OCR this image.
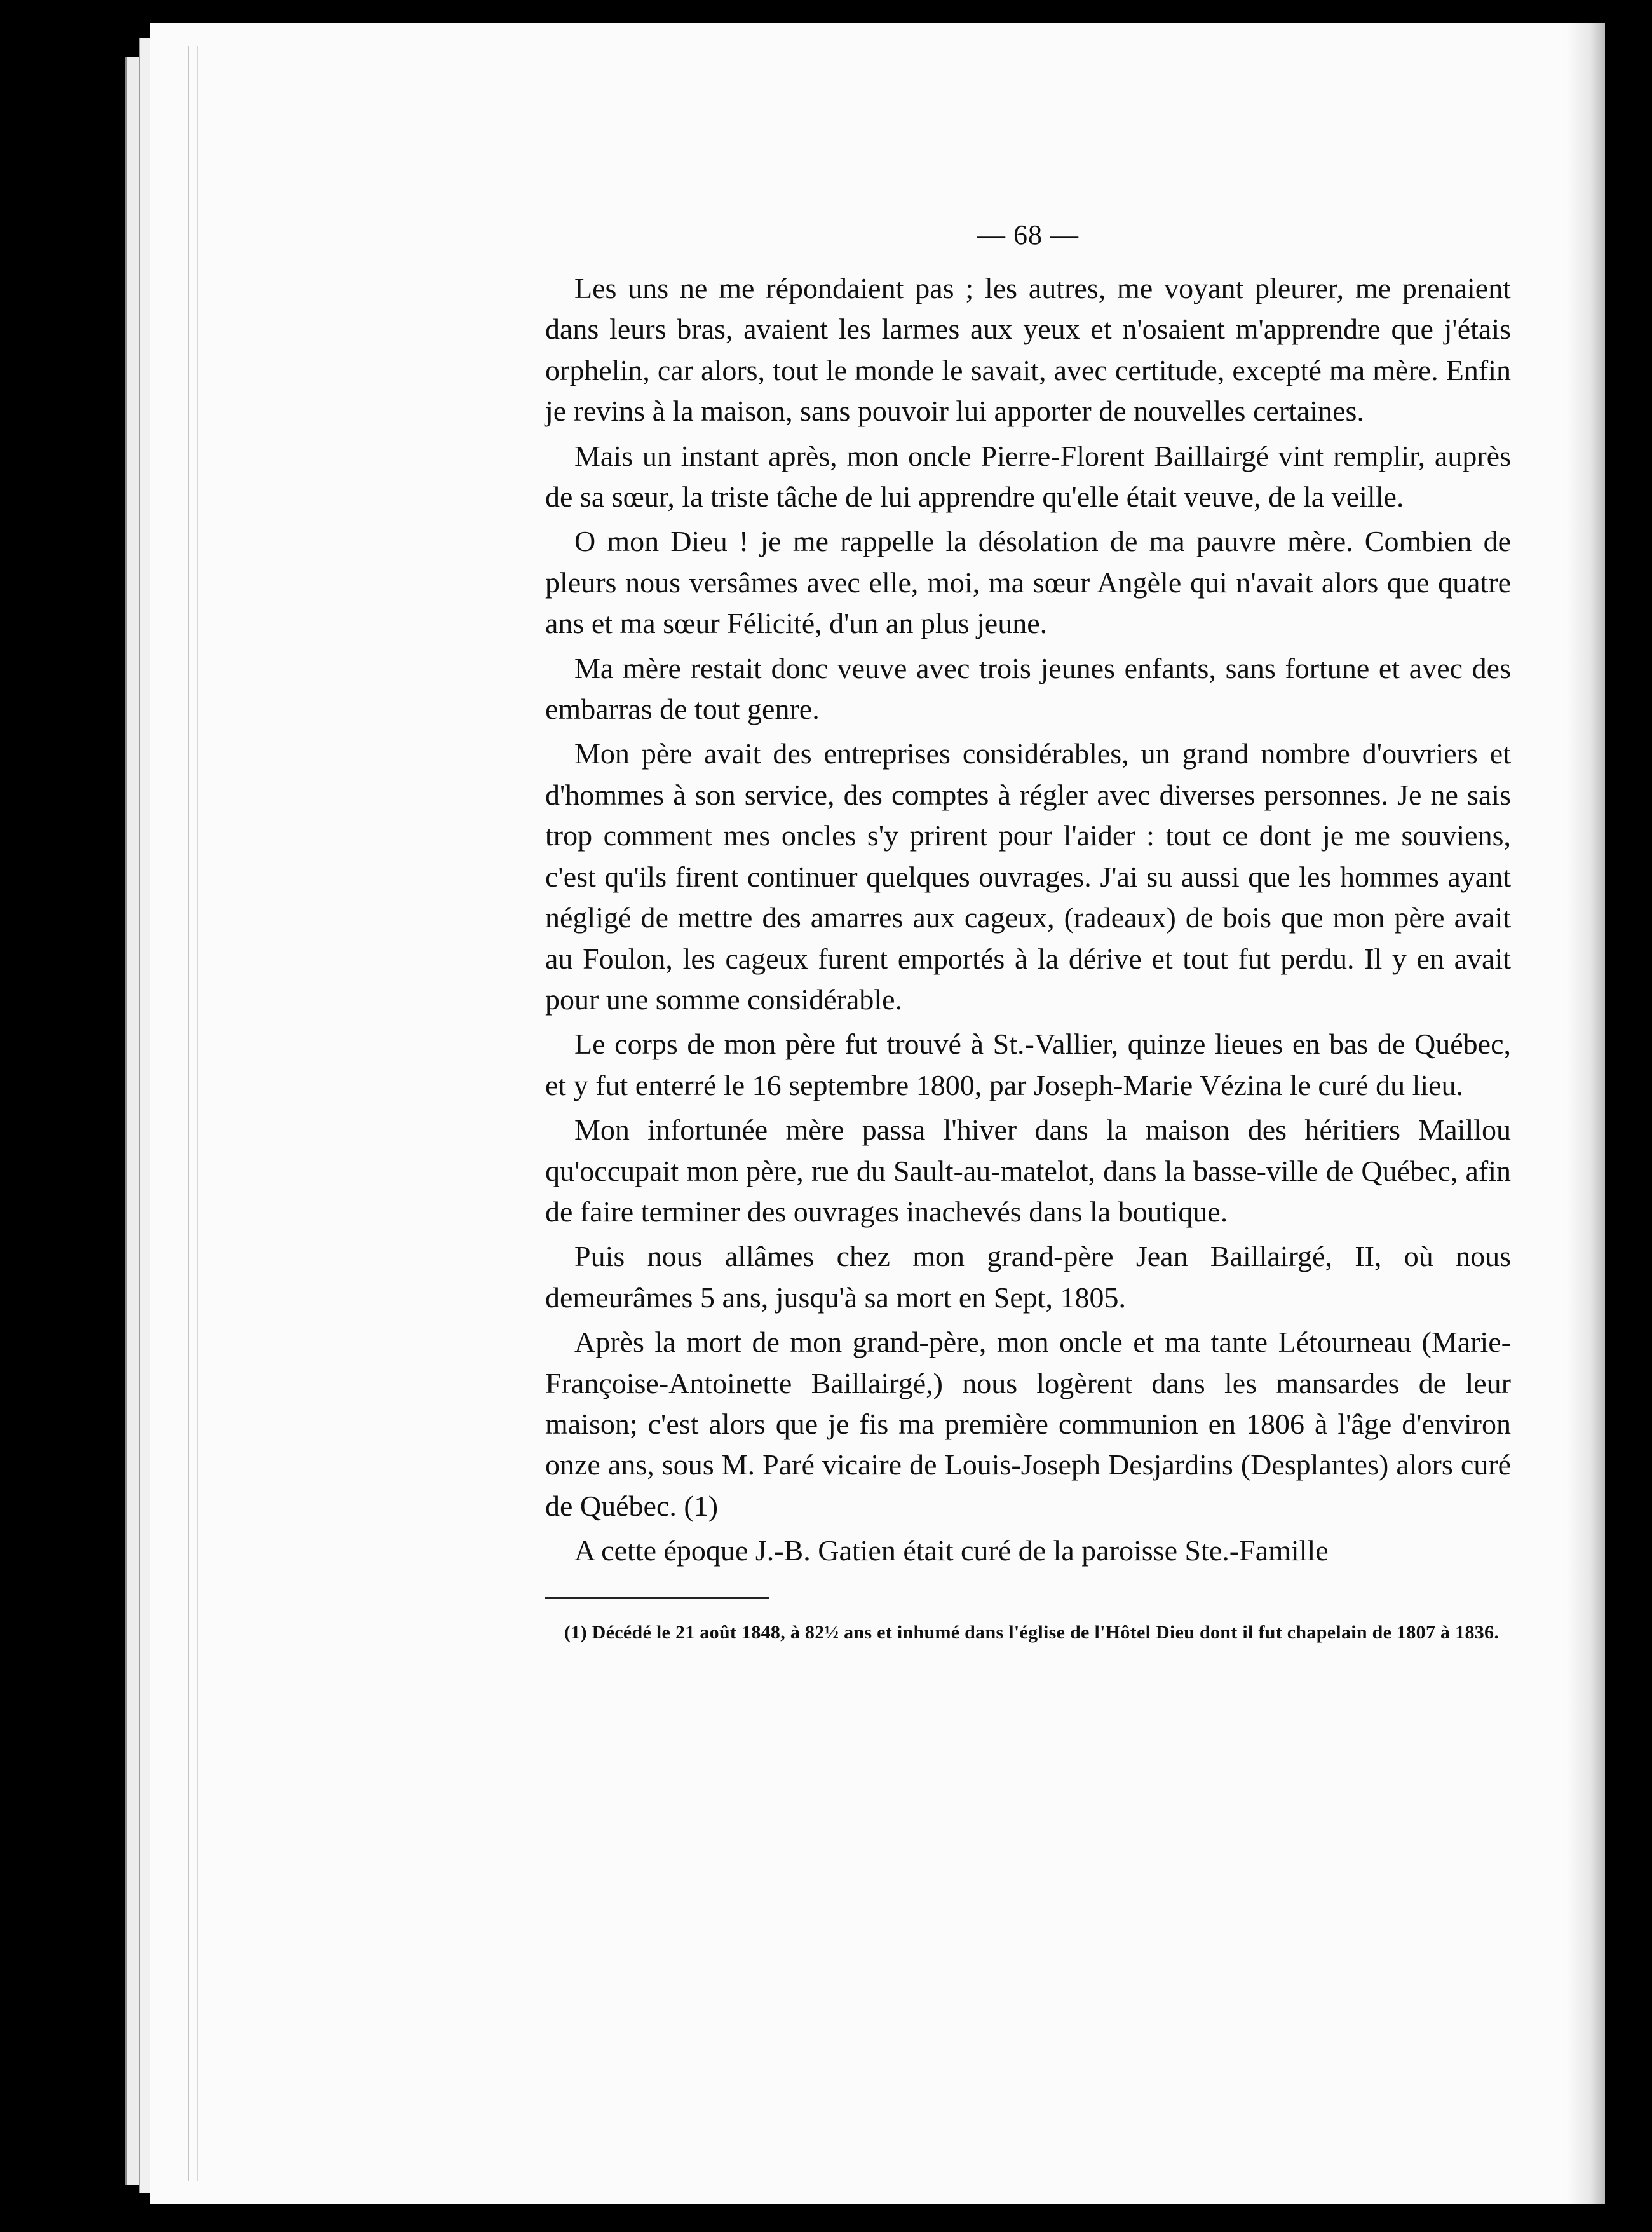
— 68 —

Les uns ne me répondaient pas ; les autres, me voyant pleurer, me prenaient dans leurs bras, avaient les larmes aux yeux et n'osaient m'apprendre que j'étais orphelin, car alors, tout le monde le savait, avec certitude, excepté ma mère. Enfin je revins à la maison, sans pouvoir lui apporter de nouvelles certaines.

Mais un instant après, mon oncle Pierre-Florent Baillairgé vint remplir, auprès de sa sœur, la triste tâche de lui apprendre qu'elle était veuve, de la veille.

O mon Dieu ! je me rappelle la désolation de ma pauvre mère. Combien de pleurs nous versâmes avec elle, moi, ma sœur Angèle qui n'avait alors que quatre ans et ma sœur Félicité, d'un an plus jeune.

Ma mère restait donc veuve avec trois jeunes enfants, sans fortune et avec des embarras de tout genre.

Mon père avait des entreprises considérables, un grand nombre d'ouvriers et d'hommes à son service, des comptes à régler avec diverses personnes. Je ne sais trop comment mes oncles s'y prirent pour l'aider : tout ce dont je me souviens, c'est qu'ils firent continuer quelques ouvrages. J'ai su aussi que les hommes ayant négligé de mettre des amarres aux cageux, (radeaux) de bois que mon père avait au Foulon, les cageux furent emportés à la dérive et tout fut perdu. Il y en avait pour une somme considérable.

Le corps de mon père fut trouvé à St.-Vallier, quinze lieues en bas de Québec, et y fut enterré le 16 septembre 1800, par Joseph-Marie Vézina le curé du lieu.

Mon infortunée mère passa l'hiver dans la maison des héritiers Maillou qu'occupait mon père, rue du Sault-au-matelot, dans la basse-ville de Québec, afin de faire terminer des ouvrages inachevés dans la boutique.

Puis nous allâmes chez mon grand-père Jean Baillairgé, II, où nous demeurâmes 5 ans, jusqu'à sa mort en Sept, 1805.

Après la mort de mon grand-père, mon oncle et ma tante Létourneau (Marie-Françoise-Antoinette Baillairgé,) nous logèrent dans les mansardes de leur maison; c'est alors que je fis ma première communion en 1806 à l'âge d'environ onze ans, sous M. Paré vicaire de Louis-Joseph Desjardins (Desplantes) alors curé de Québec. (1)

A cette époque J.-B. Gatien était curé de la paroisse Ste.-Famille

(1) Décédé le 21 août 1848, à 82½ ans et inhumé dans l'église de l'Hôtel Dieu dont il fut chapelain de 1807 à 1836.
